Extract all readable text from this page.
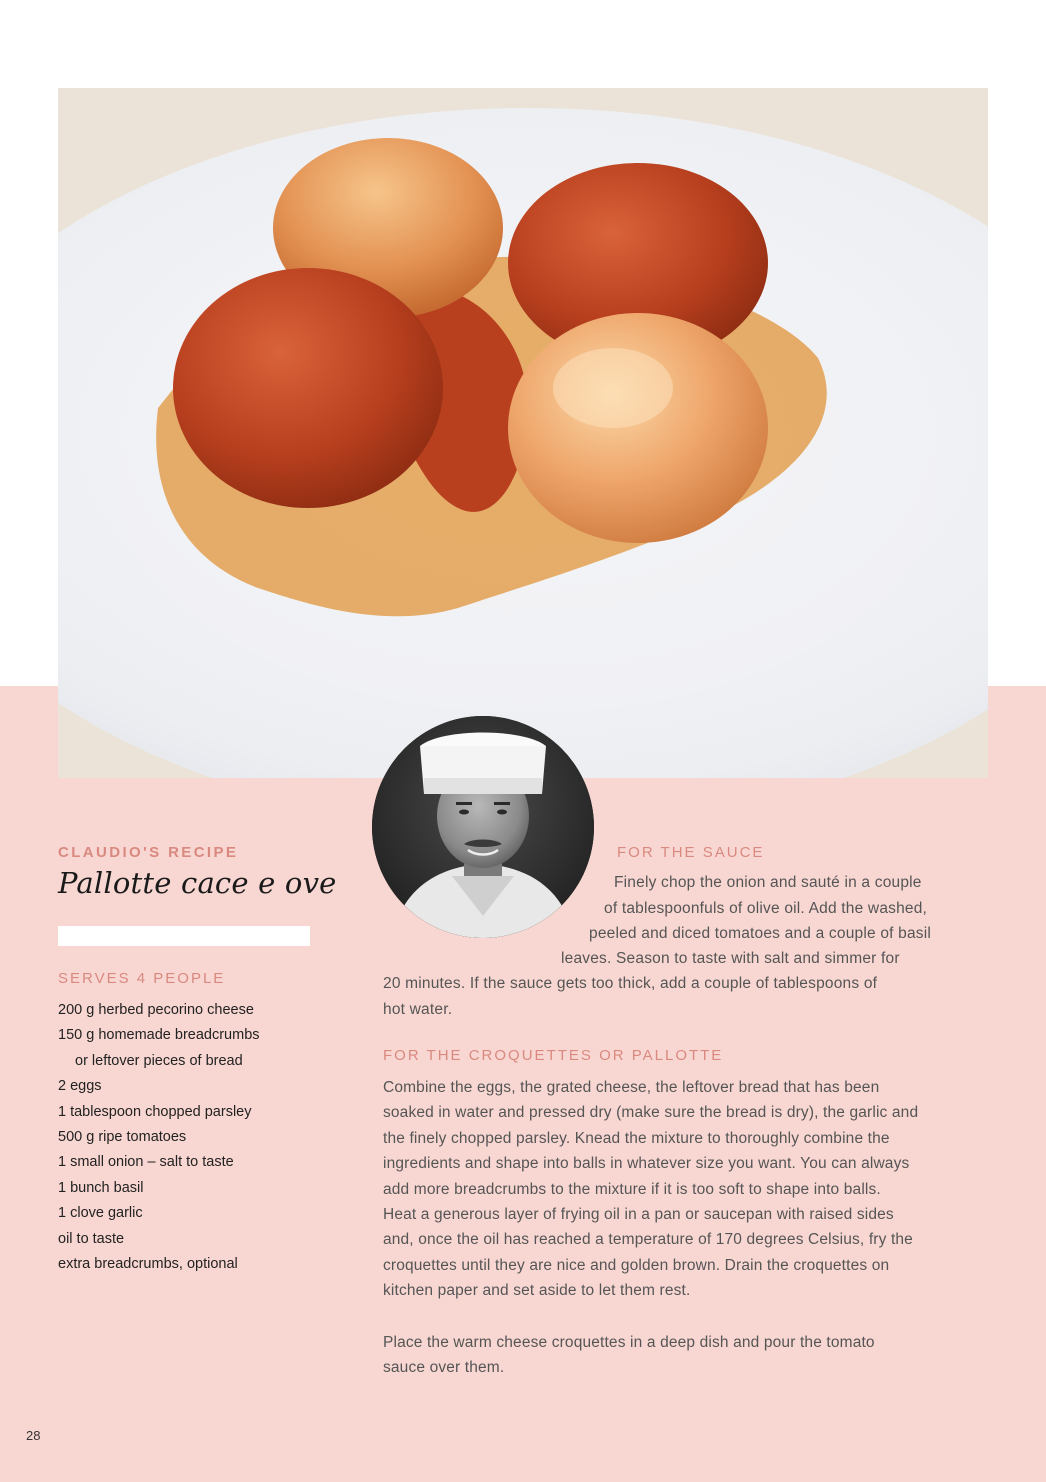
CLAUDIO'S RECIPE
Pallotte cace e ove
SERVES 4 PEOPLE
200 g herbed pecorino cheese
150 g homemade breadcrumbs
or leftover pieces of bread
2 eggs
1 tablespoon chopped parsley
500 g ripe tomatoes
1 small onion – salt to taste
1 bunch basil
1 clove garlic
oil to taste
extra breadcrumbs, optional
FOR THE SAUCE
Finely chop the onion and sauté in a couple
of tablespoonfuls of olive oil. Add the washed,
peeled and diced tomatoes and a couple of basil
leaves. Season to taste with salt and simmer for
20 minutes. If the sauce gets too thick, add a couple of tablespoons of
hot water.
FOR THE CROQUETTES OR PALLOTTE
Combine the eggs, the grated cheese, the leftover bread that has been
soaked in water and pressed dry (make sure the bread is dry), the garlic and
the finely chopped parsley. Knead the mixture to thoroughly combine the
ingredients and shape into balls in whatever size you want. You can always
add more breadcrumbs to the mixture if it is too soft to shape into balls.
Heat a generous layer of frying oil in a pan or saucepan with raised sides
and, once the oil has reached a temperature of 170 degrees Celsius, fry the
croquettes until they are nice and golden brown. Drain the croquettes on
kitchen paper and set aside to let them rest.
Place the warm cheese croquettes in a deep dish and pour the tomato
sauce over them.
28
